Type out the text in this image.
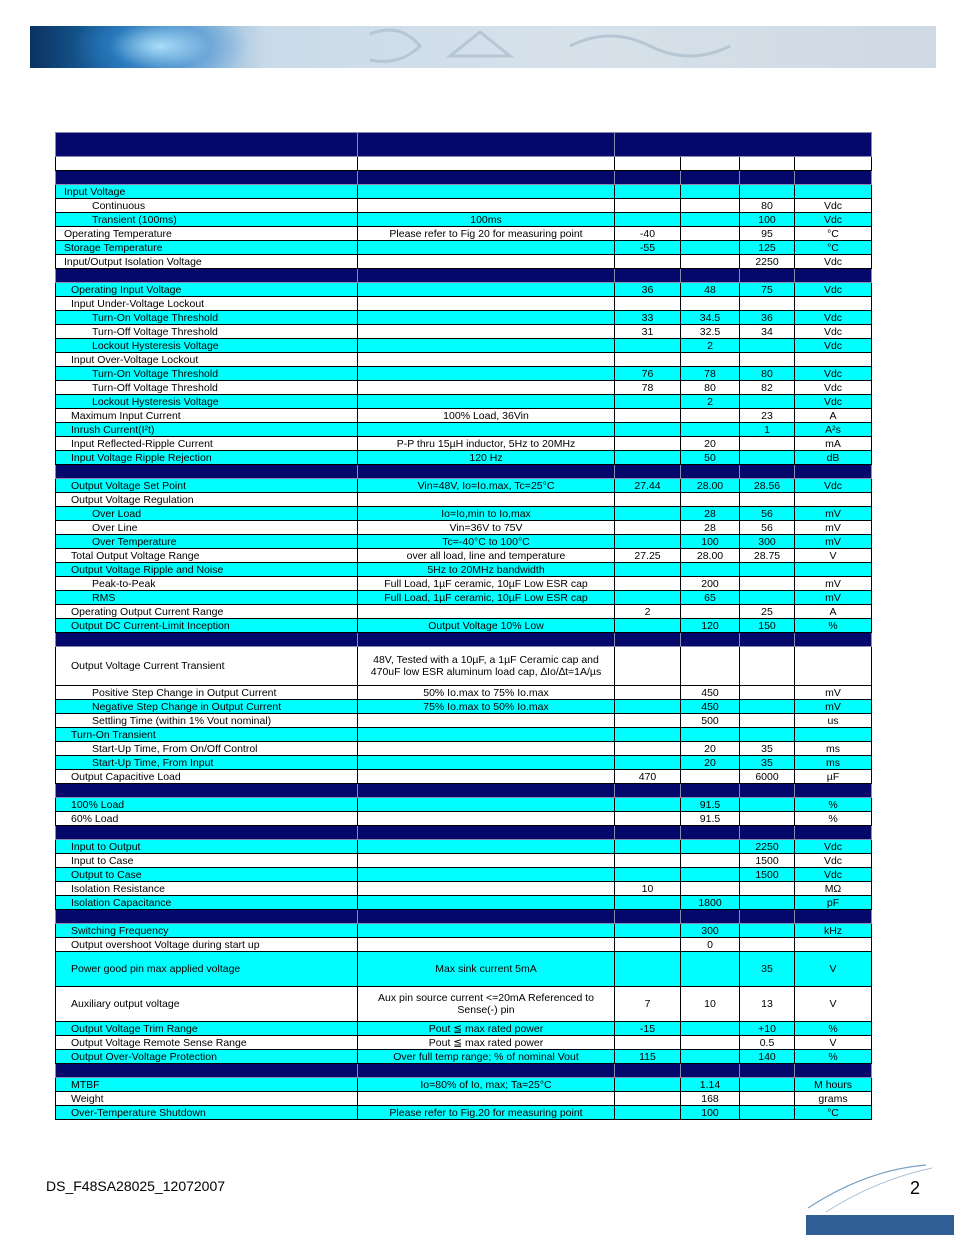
Input Voltage					
Continuous				80	Vdc
Transient (100ms)	100ms			100	Vdc
Operating Temperature	Please refer to Fig 20 for measuring point	-40		95	°C
Storage Temperature		-55		125	°C
Input/Output Isolation Voltage				2250	Vdc

Operating Input Voltage		36	48	75	Vdc
Input Under-Voltage Lockout					
Turn-On Voltage Threshold		33	34.5	36	Vdc
Turn-Off Voltage Threshold		31	32.5	34	Vdc
Lockout Hysteresis Voltage			2		Vdc
Input Over-Voltage Lockout					
Turn-On Voltage Threshold		76	78	80	Vdc
Turn-Off Voltage Threshold		78	80	82	Vdc
Lockout Hysteresis Voltage			2		Vdc
Maximum Input Current	100% Load, 36Vin			23	A
Inrush Current(I²t)				1	A²s
Input Reflected-Ripple Current	P-P thru 15µH inductor, 5Hz to 20MHz		20		mA
Input Voltage Ripple Rejection	120 Hz		50		dB

Output Voltage Set Point	Vin=48V, Io=Io.max, Tc=25°C	27.44	28.00	28.56	Vdc
Output Voltage Regulation					
Over Load	Io=Io,min to Io,max		28	56	mV
Over Line	Vin=36V to 75V		28	56	mV
Over Temperature	Tc=-40°C to 100°C		100	300	mV
Total Output Voltage Range	over all load, line and temperature	27.25	28.00	28.75	V
Output Voltage Ripple and Noise	5Hz to 20MHz bandwidth				
Peak-to-Peak	Full Load, 1µF ceramic, 10µF Low ESR cap		200		mV
RMS	Full Load, 1µF ceramic, 10µF Low ESR cap		65		mV
Operating Output Current Range		2		25	A
Output DC Current-Limit Inception	Output Voltage 10% Low		120	150	%

Output Voltage Current Transient	48V, Tested with a 10µF, a 1µF Ceramic cap and 470uF low ESR aluminum load cap, ∆Io/∆t=1A/µs				
Positive Step Change in Output Current	50% Io.max to 75% Io.max		450		mV
Negative Step Change in Output Current	75% Io.max to 50% Io.max		450		mV
Settling Time (within 1% Vout nominal)			500		us
Turn-On Transient					
Start-Up Time, From On/Off Control			20	35	ms
Start-Up Time, From Input			20	35	ms
Output Capacitive Load		470		6000	µF

100% Load			91.5		%
60% Load			91.5		%

Input to Output				2250	Vdc
Input to Case				1500	Vdc
Output to Case				1500	Vdc
Isolation Resistance		10			MΩ
Isolation Capacitance			1800		pF

Switching Frequency			300		kHz
Output overshoot Voltage during start up			0		
Power good pin max applied voltage	Max sink current 5mA			35	V
Auxiliary output voltage	Aux pin source current <=20mA Referenced to Sense(-) pin	7	10	13	V
Output Voltage Trim Range	Pout ≦ max rated power	-15		+10	%
Output Voltage Remote Sense Range	Pout ≦ max rated power			0.5	V
Output Over-Voltage Protection	Over full temp range; % of nominal Vout	115		140	%

MTBF	Io=80% of Io, max; Ta=25°C		1.14		M hours
Weight			168		grams
Over-Temperature Shutdown	Please refer to Fig.20 for measuring point		100		°C
DS_F48SA28025_12072007	2
